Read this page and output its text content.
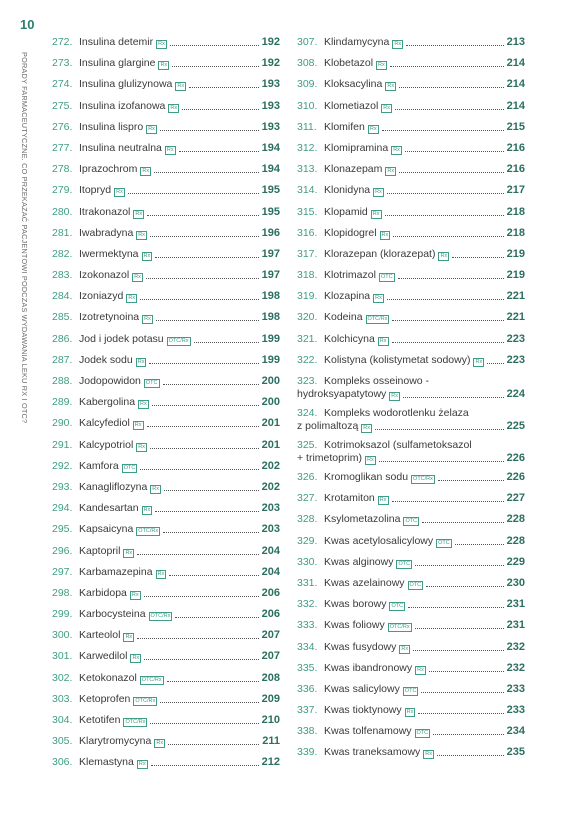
10
PORADY FARMACEUTYCZNE. CO PRZEKAZAĆ PACJENTOWI PODCZAS WYDAWANIA LEKU RX I OTC?
272. Insulina detemir Rx	192
273. Insulina glargine Rx	192
274. Insulina glulizynowa Rx	193
275. Insulina izofanowa Rx	193
276. Insulina lispro Rx	193
277. Insulina neutralna Rx	194
278. Iprazochrom Rx	194
279. Itopryd Rx	195
280. Itrakonazol Rx	195
281. Iwabradyna Rx	196
282. Iwermektyna Rx	197
283. Izokonazol Rx	197
284. Izoniazyd Rx	198
285. Izotretynoina Rx	198
286. Jod i jodek potasu OTC/Rx	199
287. Jodek sodu Rx	199
288. Jodopowidon OTC	200
289. Kabergolina Rx	200
290. Kalcyfediol Rx	201
291. Kalcypotriol Rx	201
292. Kamfora OTC	202
293. Kanagliflozyna Rx	202
294. Kandesartan Rx	203
295. Kapsaicyna OTC/Rx	203
296. Kaptopril Rx	204
297. Karbamazepina Rx	204
298. Karbidopa Rx	206
299. Karbocysteina OTC/Rx	206
300. Karteolol Rx	207
301. Karwedilol Rx	207
302. Ketokonazol OTC/Rx	208
303. Ketoprofen OTC/Rx	209
304. Ketotifen OTC/Rx	210
305. Klarytromycyna Rx	211
306. Klemastyna Rx	212
307. Klindamycyna Rx	213
308. Klobetazol Rx	214
309. Kloksacylina Rx	214
310. Klometiazol Rx	214
311. Klomifen Rx	215
312. Klomipramina Rx	216
313. Klonazepam Rx	216
314. Klonidyna Rx	217
315. Klopamid Rx	218
316. Klopidogrel Rx	218
317. Klorazepan (klorazepat) Rx	219
318. Klotrimazol OTC	219
319. Klozapina Rx	221
320. Kodeina OTC/Rx	221
321. Kolchicyna Rx	223
322. Kolistyna (kolistymetat sodowy) Rx 223
323. Kompleks osseinowo -
hydroksyapatytowy Rx	224
324. Kompleks wodorotlenku żelaza
z polimaltozą Rx	225
325. Kotrimoksazol (sulfametoksazol
+ trimetoprim) Rx	226
326. Kromoglikan sodu OTC/Rx	226
327. Krotamiton Rx	227
328. Ksylometazolina OTC	228
329. Kwas acetylosalicylowy OTC	228
330. Kwas alginowy OTC	229
331. Kwas azelainowy OTC	230
332. Kwas borowy OTC	231
333. Kwas foliowy OTC/Rx	231
334. Kwas fusydowy Rx	232
335. Kwas ibandronowy Rx	232
336. Kwas salicylowy OTC	233
337. Kwas tioktynowy Rx	233
338. Kwas tolfenamowy OTC	234
339. Kwas traneksamowy Rx	235
